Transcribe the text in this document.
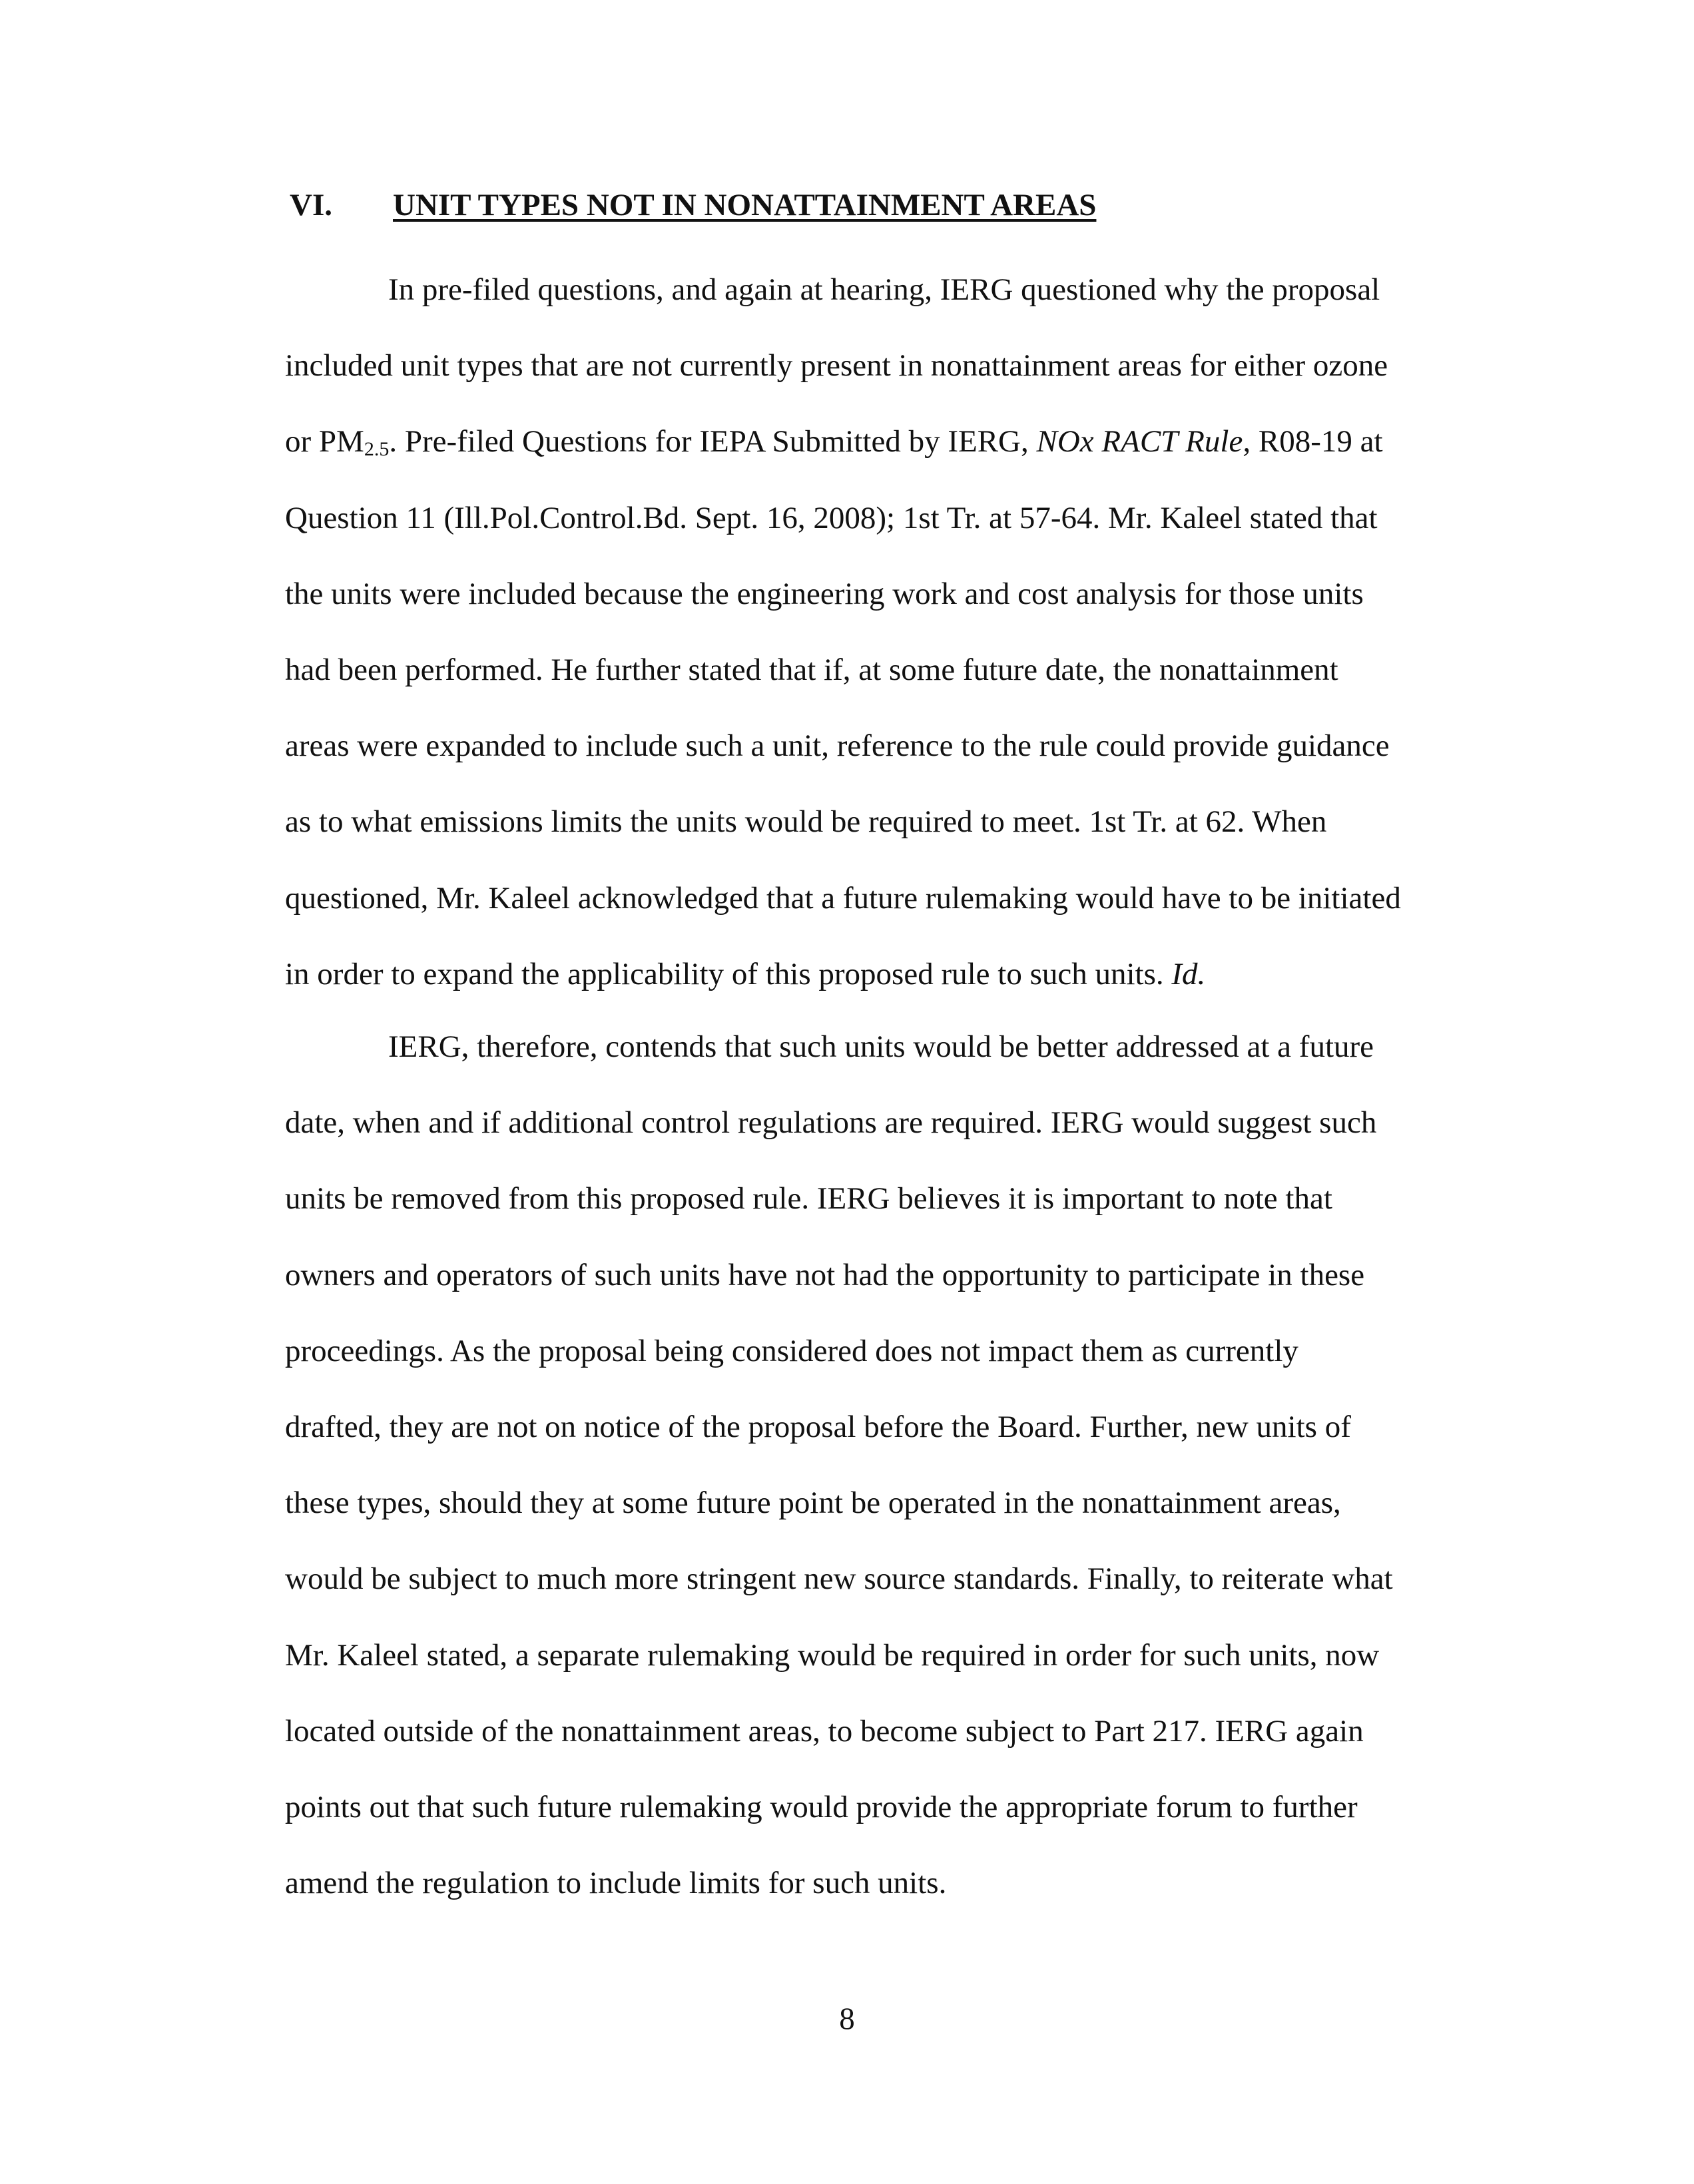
VI. UNIT TYPES NOT IN NONATTAINMENT AREAS
In pre-filed questions, and again at hearing, IERG questioned why the proposal
included unit types that are not currently present in nonattainment areas for either ozone
or $PM_{2.5}$. Pre-filed Questions for IEPA Submitted by IERG, NOx RACT Rule, R08-19 at
Question 11 (Ill.Pol.Control.Bd. Sept. 16, 2008); 1st Tr. at 57-64. Mr. Kaleel stated that
the units were included because the engineering work and cost analysis for those units
had been performed. He further stated that if, at some future date, the nonattainment
areas were expanded to include such a unit, reference to the rule could provide guidance
as to what emissions limits the units would be required to meet. 1st Tr. at 62. When
questioned, Mr. Kaleel acknowledged that a future rulemaking would have to be initiated
in order to expand the applicability of this proposed rule to such units. Id.
IERG, therefore, contends that such units would be better addressed at a future
date, when and if additional control regulations are required. IERG would suggest such
units be removed from this proposed rule. IERG believes it is important to note that
owners and operators of such units have not had the opportunity to participate in these
proceedings. As the proposal being considered does not impact them as currently
drafted, they are not on notice of the proposal before the Board. Further, new units of
these types, should they at some future point be operated in the nonattainment areas,
would be subject to much more stringent new source standards. Finally, to reiterate what
Mr. Kaleel stated, a separate rulemaking would be required in order for such units, now
located outside of the nonattainment areas, to become subject to Part 217. IERG again
points out that such future rulemaking would provide the appropriate forum to further
amend the regulation to include limits for such units.
8
